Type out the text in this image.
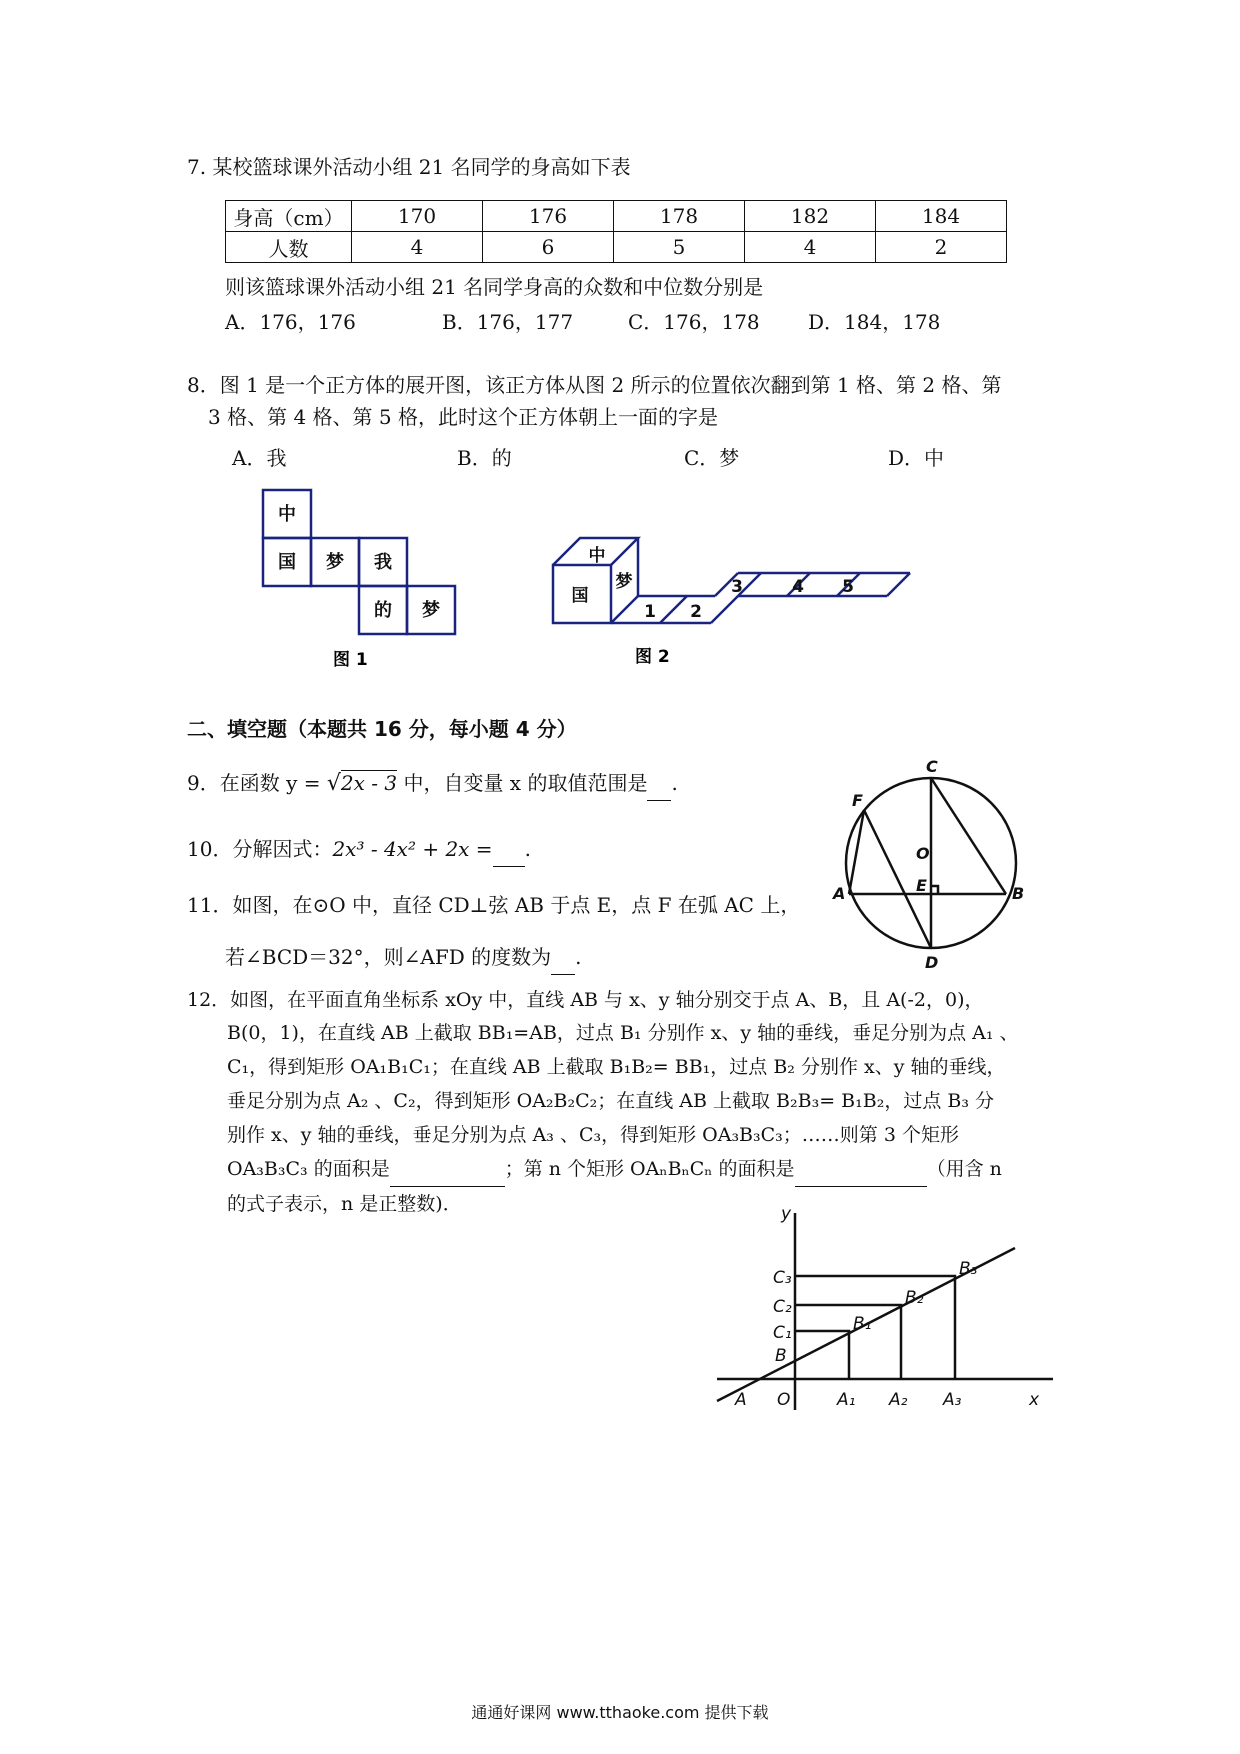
7. 某校篮球课外活动小组 21 名同学的身高如下表
身高（cm）	170	176	178	182	184
人数	4	6	5	4	2
则该篮球课外活动小组 21 名同学身高的众数和中位数分别是
A．176，176	B．176，177	C．176，178 D．184，178
8．图 1 是一个正方体的展开图，该正方体从图 2 所示的位置依次翻到第 1 格、第 2 格、第
3 格、第 4 格、第 5 格，此时这个正方体朝上一面的字是
A．我	B．的	C．梦	D．中
中
国 梦 我
的 梦
图 1
国
中
梦
1 2
3	4 5
图 2
二、填空题（本题共 16 分，每小题 4 分）
9．在函数 y = √2x - 3 中，自变量 x 的取值范围是 .
10．分解因式：2x³ - 4x² + 2x = .
11．如图，在⊙O 中，直径 CD⊥弦 AB 于点 E，点 F 在弧 AC 上，
若∠BCD＝32°，则∠AFD 的度数为 .
C
F
O
E
A	B
D
12．如图，在平面直角坐标系 xOy 中，直线 AB 与 x、y 轴分别交于点 A、B，且 A(-2，0)，
B(0，1)，在直线 AB 上截取 BB₁=AB，过点 B₁ 分别作 x、y 轴的垂线，垂足分别为点 A₁ 、
C₁，得到矩形 OA₁B₁C₁；在直线 AB 上截取 B₁B₂= BB₁，过点 B₂ 分别作 x、y 轴的垂线，
垂足分别为点 A₂ 、C₂，得到矩形 OA₂B₂C₂；在直线 AB 上截取 B₂B₃= B₁B₂，过点 B₃ 分
别作 x、y 轴的垂线，垂足分别为点 A₃ 、C₃，得到矩形 OA₃B₃C₃；……则第 3 个矩形
OA₃B₃C₃ 的面积是	；第 n 个矩形 OAₙBₙCₙ 的面积是	（用含 n
的式子表示，n 是正整数)．	y
x
A O	A₁ A₂ A₃
B
B₁
B₂
B₃
C₁
C₂
C₃
通通好课网 www.tthaoke.com 提供下载
